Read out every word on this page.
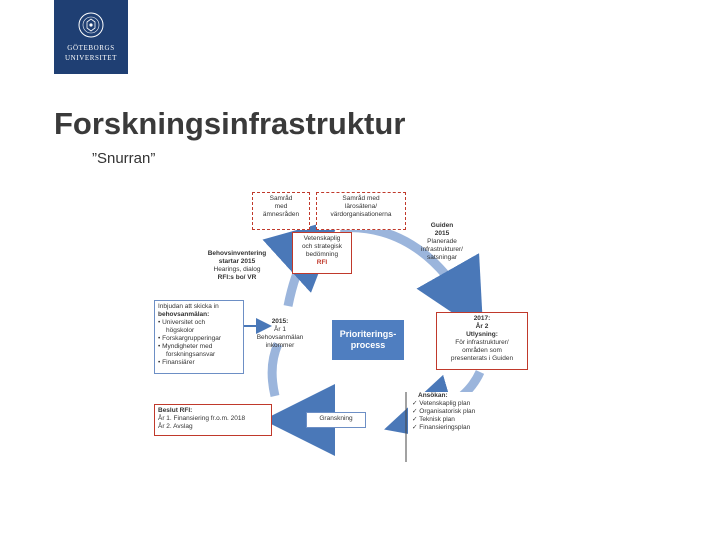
GÖTEBORGS
UNIVERSITET
Forskningsinfrastruktur
”Snurran”
Samråd
med
ämnesråden
Samråd med
lärosätena/
värdorganisationerna
Vetenskaplig
och strategisk
bedömning
RFI
Guiden
2015
Planerade
infrastrukturer/
satsningar
Behovsinventering
startar 2015
Hearings, dialog
RFI:s bo/ VR
Inbjudan att skicka in
behovsanmälan:
• Universitet och
högskolor
• Forskargrupperingar
• Myndigheter med
forskningsansvar
• Finansiärer
2015:
År 1
Behovsanmälan
inkommer
Prioriterings- process
2017:
År 2
Utlysning:
För infrastrukturer/
områden som
presenterats i Guiden
Ansökan:
✓ Vetenskaplig plan
✓ Organisatorisk plan
✓ Teknisk plan
✓ Finansieringsplan
Granskning
Beslut RFI:
År 1. Finansiering fr.o.m. 2018
År 2. Avslag
